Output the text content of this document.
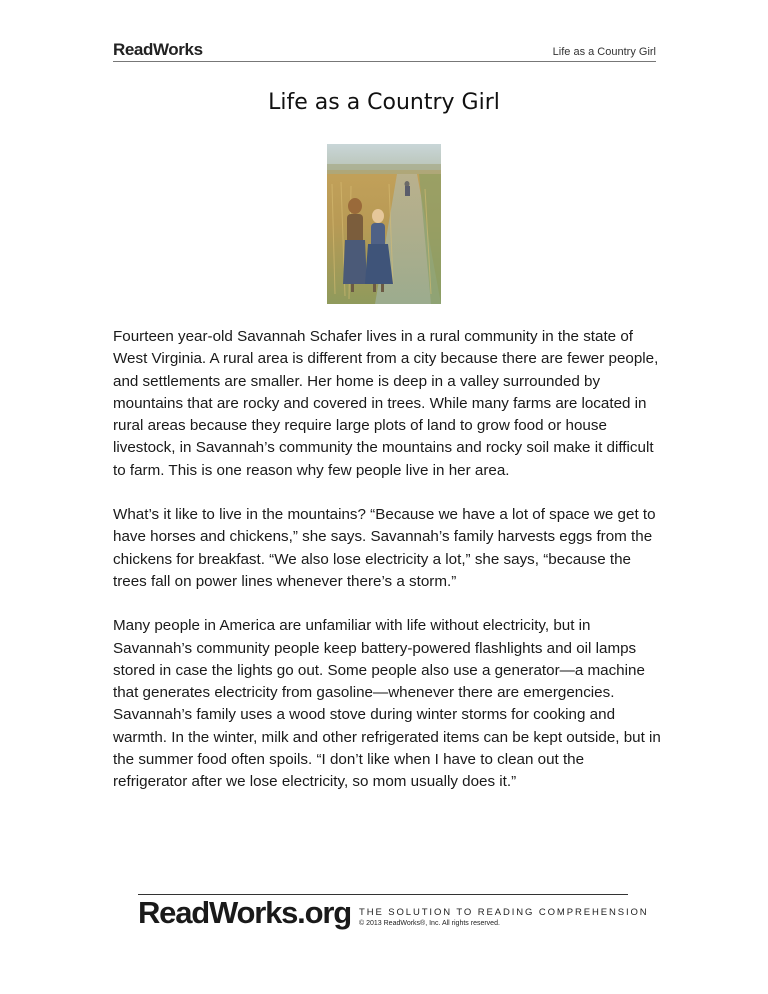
ReadWorks	Life as a Country Girl
Life as a Country Girl

Fourteen year-old Savannah Schafer lives in a rural community in the state of West Virginia. A rural area is different from a city because there are fewer people, and settlements are smaller. Her home is deep in a valley surrounded by mountains that are rocky and covered in trees. While many farms are located in rural areas because they require large plots of land to grow food or house livestock, in Savannah’s community the mountains and rocky soil make it difficult to farm. This is one reason why few people live in her area.

What’s it like to live in the mountains? “Because we have a lot of space we get to have horses and chickens,” she says. Savannah’s family harvests eggs from the chickens for breakfast. “We also lose electricity a lot,” she says, “because the trees fall on power lines whenever there’s a storm.”

Many people in America are unfamiliar with life without electricity, but in Savannah’s community people keep battery-powered flashlights and oil lamps stored in case the lights go out. Some people also use a generator—a machine that generates electricity from gasoline—whenever there are emergencies. Savannah’s family uses a wood stove during winter storms for cooking and warmth. In the winter, milk and other refrigerated items can be kept outside, but in the summer food often spoils. “I don’t like when I have to clean out the refrigerator after we lose electricity, so mom usually does it.”

ReadWorks.org THE SOLUTION TO READING COMPREHENSION
© 2013 ReadWorks®, Inc. All rights reserved.
